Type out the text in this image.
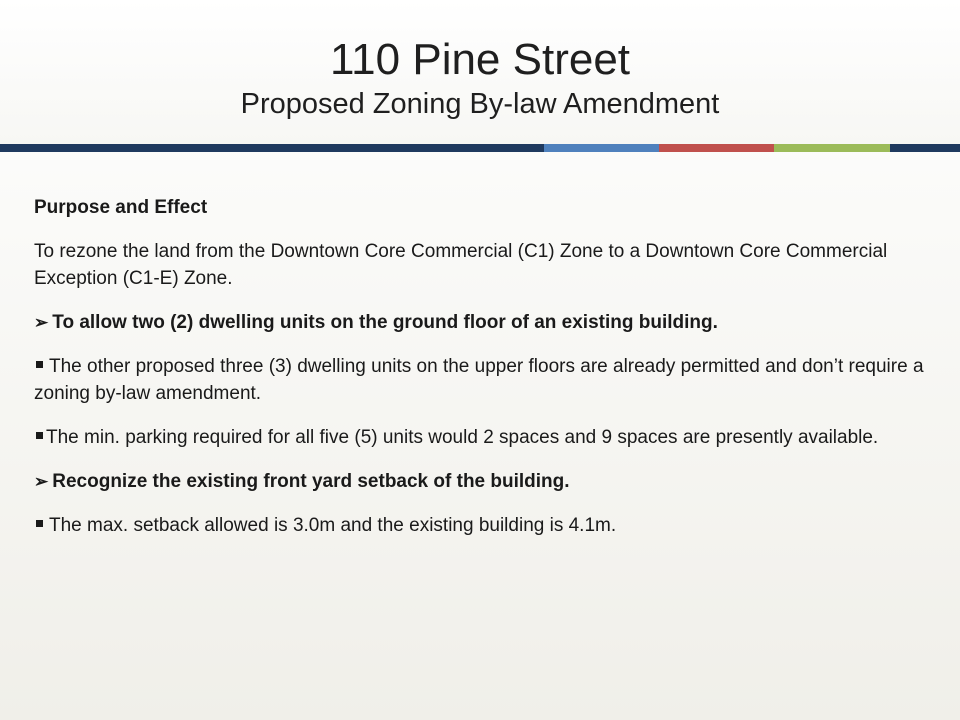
110 Pine Street
Proposed Zoning By-law Amendment

Purpose and Effect

To rezone the land from the Downtown Core Commercial (C1) Zone to a Downtown Core Commercial Exception (C1-E) Zone.

➢ To allow two (2) dwelling units on the ground floor of an existing building.

The other proposed three (3) dwelling units on the upper floors are already permitted and don’t require a zoning by-law amendment.

The min. parking required for all five (5) units would 2 spaces and 9 spaces are presently available.

➢ Recognize the existing front yard setback of the building.

The max. setback allowed is 3.0m and the existing building is 4.1m.
